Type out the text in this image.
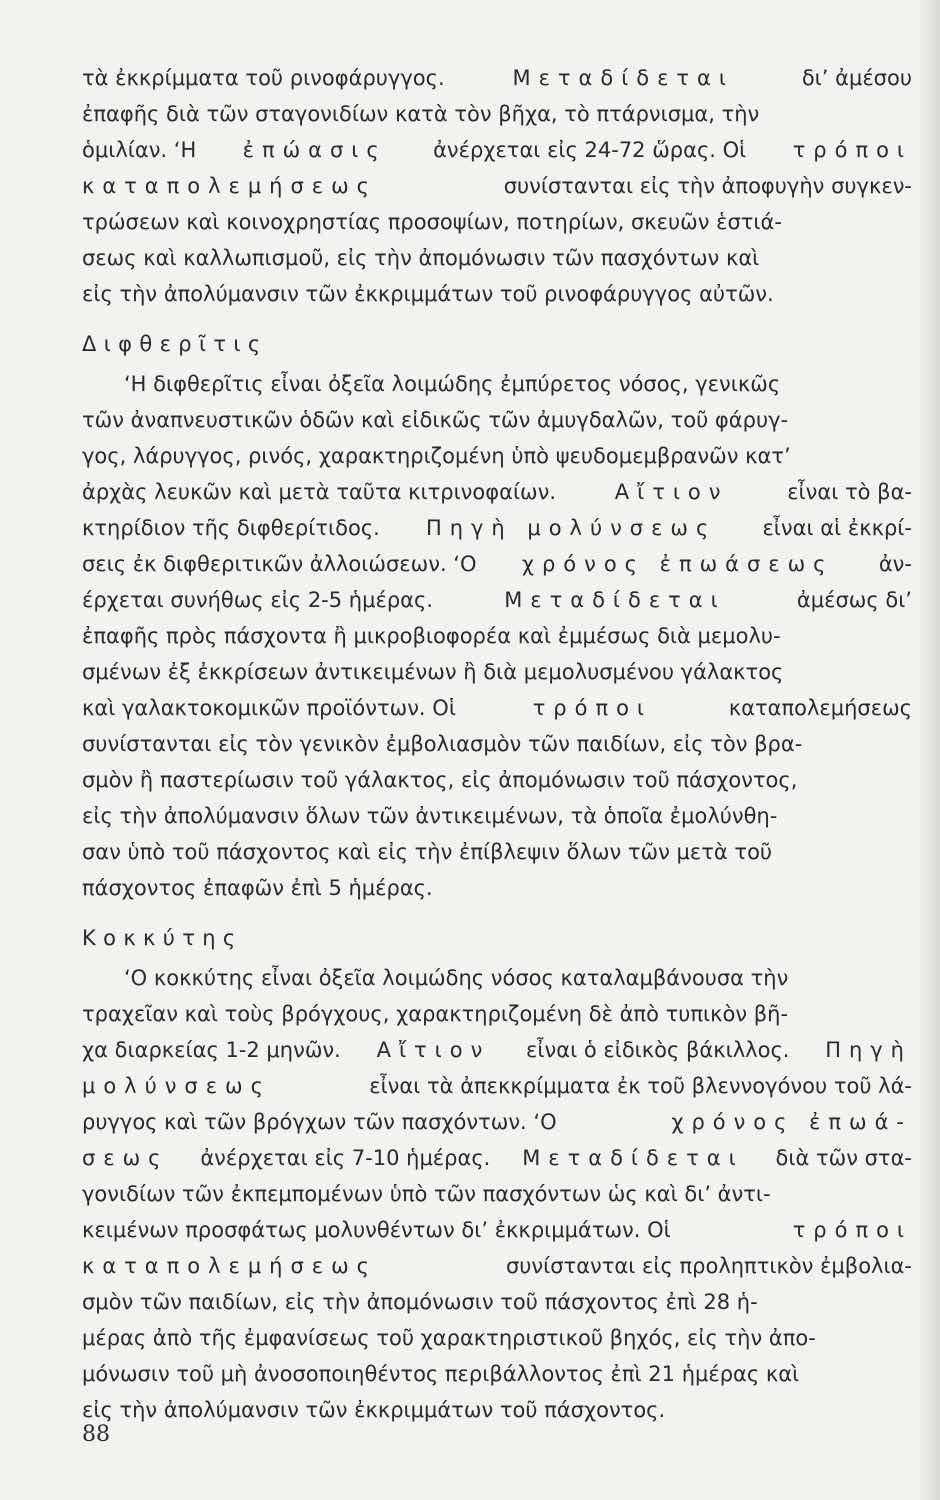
τὰ ἐκκρίμματα τοῦ ρινοφάρυγγος.	Μεταδίδεται	δι’ ἀμέσου
ἐπαφῆς διὰ τῶν σταγονιδίων κατὰ τὸν βῆχα, τὸ πτάρνισμα, τὴν
ὁμιλίαν. ‘Η ἐπώασις ἀνέρχεται εἰς 24-72 ὥρας. Οἱ τρόποι
καταπολεμήσεως	συνίστανται εἰς τὴν ἀποφυγὴν συγκεν-
τρώσεων καὶ κοινοχρηστίας προσοψίων, ποτηρίων, σκευῶν ἑστιά-
σεως καὶ καλλωπισμοῦ, εἰς τὴν ἀπομόνωσιν τῶν πασχόντων καὶ
εἰς τὴν ἀπολύμανσιν τῶν ἐκκριμμάτων τοῦ ρινοφάρυγγος αὐτῶν.
Διφθερῖτις
‘Η διφθερῖτις εἶναι ὀξεῖα λοιμώδης ἐμπύρετος νόσος, γενικῶς
τῶν ἀναπνευστικῶν ὁδῶν καὶ εἰδικῶς τῶν ἀμυγδαλῶν, τοῦ φάρυγ-
γος, λάρυγγος, ρινός, χαρακτηριζομένη ὑπὸ ψευδομεμβρανῶν κατ’
ἀρχὰς λευκῶν καὶ μετὰ ταῦτα κιτρινοφαίων.	Αἴτιον	εἶναι τὸ βα-
κτηρίδιον τῆς διφθερίτιδος. Πηγὴ μολύνσεως εἶναι αἱ ἐκκρί-
σεις ἐκ διφθεριτικῶν ἀλλοιώσεων. ‘Ο χρόνος ἐπωάσεως ἀν-
έρχεται συνήθως εἰς 2-5 ἡμέρας.	Μεταδίδεται	ἀμέσως δι’
ἐπαφῆς πρὸς πάσχοντα ἢ μικροβιοφορέα καὶ ἐμμέσως διὰ μεμολυ-
σμένων ἐξ ἐκκρίσεων ἀντικειμένων ἢ διὰ μεμολυσμένου γάλακτος
καὶ γαλακτοκομικῶν προϊόντων. Οἱ	τρόποι	καταπολεμήσεως
συνίστανται εἰς τὸν γενικὸν ἐμβολιασμὸν τῶν παιδίων, εἰς τὸν βρα-
σμὸν ἢ παστερίωσιν τοῦ γάλακτος, εἰς ἀπομόνωσιν τοῦ πάσχοντος,
εἰς τὴν ἀπολύμανσιν ὅλων τῶν ἀντικειμένων, τὰ ὁποῖα ἐμολύνθη-
σαν ὑπὸ τοῦ πάσχοντος καὶ εἰς τὴν ἐπίβλεψιν ὅλων τῶν μετὰ τοῦ
πάσχοντος ἐπαφῶν ἐπὶ 5 ἡμέρας.
Κοκκύτης
‘Ο κοκκύτης εἶναι ὀξεῖα λοιμώδης νόσος καταλαμβάνουσα τὴν
τραχεῖαν καὶ τοὺς βρόγχους, χαρακτηριζομένη δὲ ἀπὸ τυπικὸν βῆ-
χα διαρκείας 1-2 μηνῶν. Αἴτιον εἶναι ὁ εἰδικὸς βάκιλλος. Πηγὴ
μολύνσεως	εἶναι τὰ ἀπεκκρίμματα ἐκ τοῦ βλεννογόνου τοῦ λά-
ρυγγος καὶ τῶν βρόγχων τῶν πασχόντων. ‘Ο	χρόνος ἐπωά-
σεως ἀνέρχεται εἰς 7-10 ἡμέρας. Μεταδίδεται διὰ τῶν στα-
γονιδίων τῶν ἐκπεμπομένων ὑπὸ τῶν πασχόντων ὡς καὶ δι’ ἀντι-
κειμένων προσφάτως μολυνθέντων δι’ ἐκκριμμάτων. Οἱ	τρόποι
καταπολεμήσεως	συνίστανται εἰς προληπτικὸν ἐμβολια-
σμὸν τῶν παιδίων, εἰς τὴν ἀπομόνωσιν τοῦ πάσχοντος ἐπὶ 28 ἡ-
μέρας ἀπὸ τῆς ἐμφανίσεως τοῦ χαρακτηριστικοῦ βηχός, εἰς τὴν ἀπο-
μόνωσιν τοῦ μὴ ἀνοσοποιηθέντος περιβάλλοντος ἐπὶ 21 ἡμέρας καὶ
εἰς τὴν ἀπολύμανσιν τῶν ἐκκριμμάτων τοῦ πάσχοντος.
88
